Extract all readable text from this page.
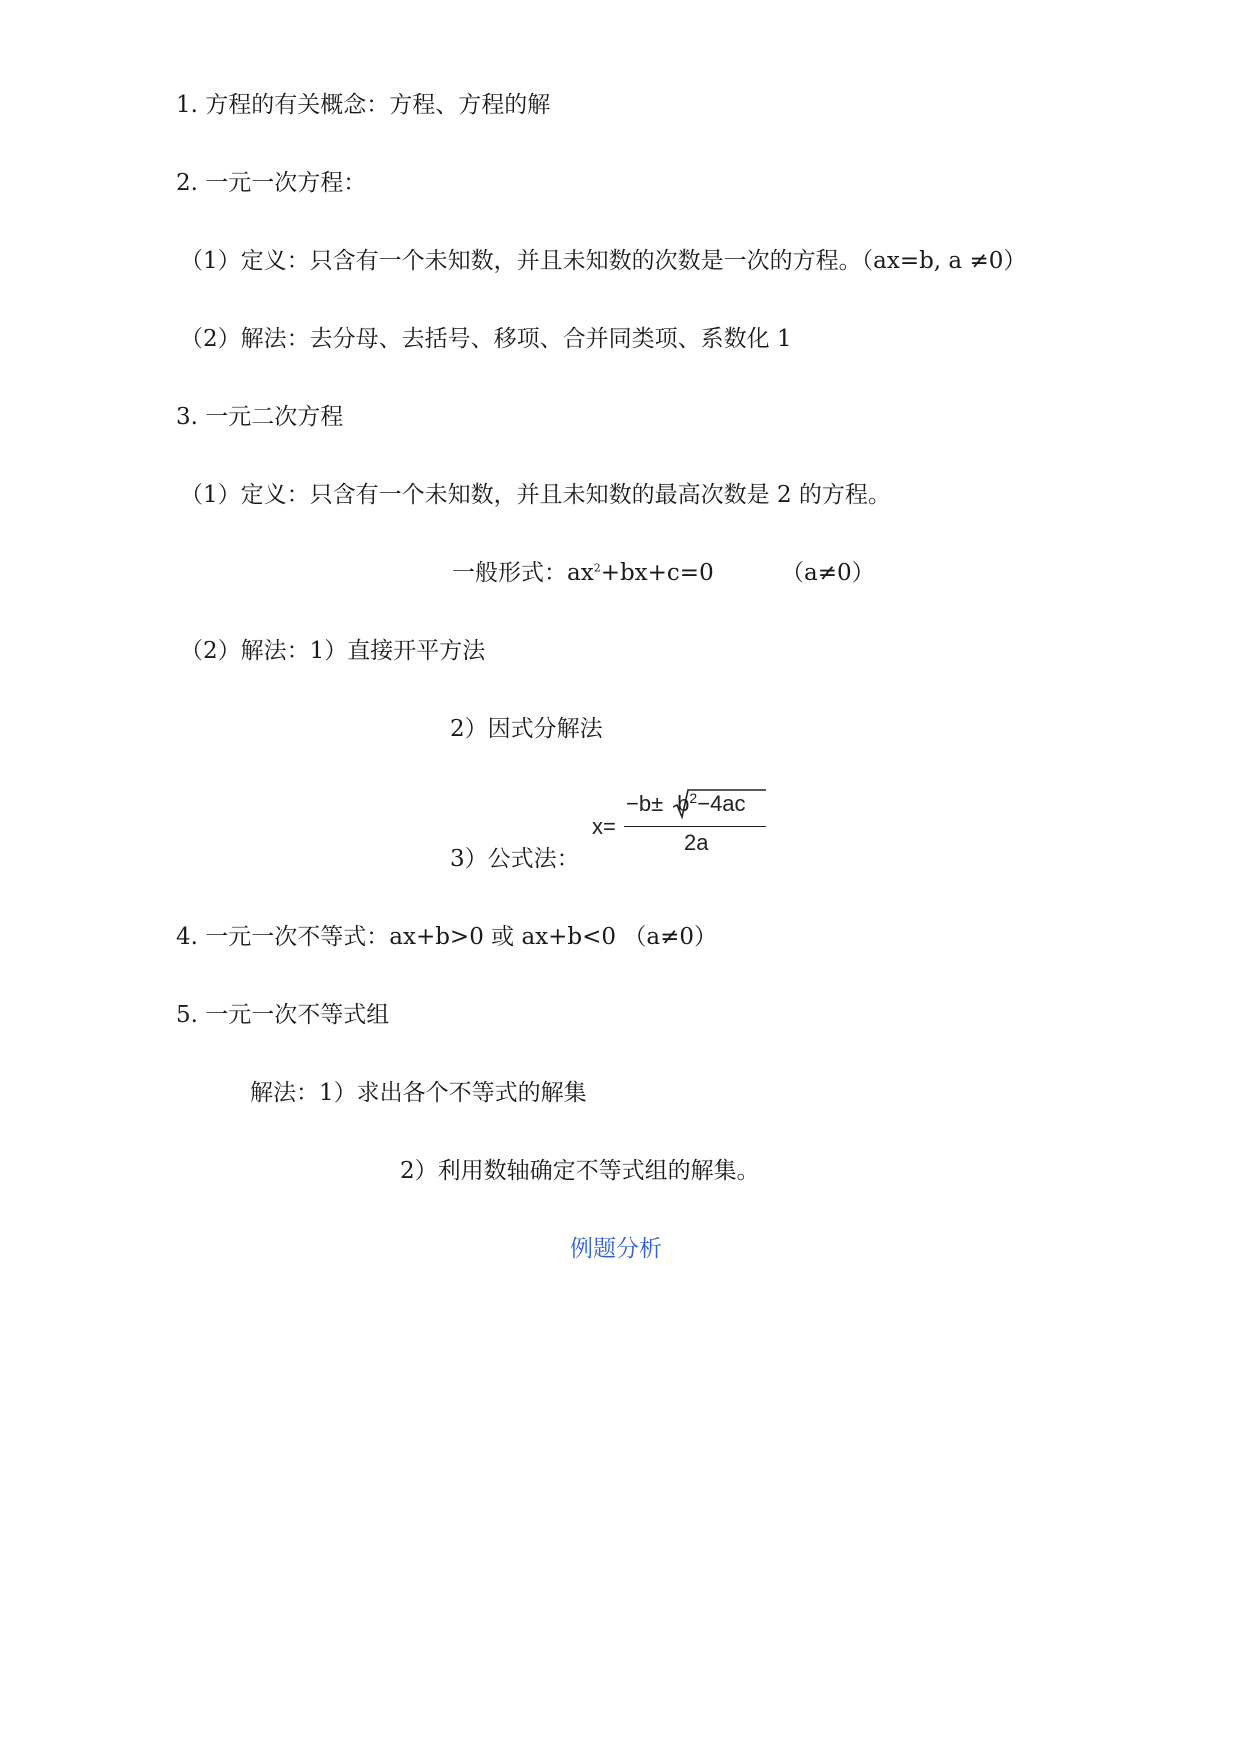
1. 方程的有关概念：方程、方程的解
2. 一元一次方程：
（1）定义：只含有一个未知数，并且未知数的次数是一次的方程。（ax=b, a ≠0）
（2）解法：去分母、去括号、移项、合并同类项、系数化 1
3. 一元二次方程
（1）定义：只含有一个未知数，并且未知数的最高次数是 2 的方程。
一般形式：$ax^2+bx+c=0$	（a≠0）
（2）解法：1）直接开平方法
2）因式分解法
3）公式法：
x=
$-b\pm b^2-4ac$
2a
4. 一元一次不等式：ax+b>0 或 ax+b<0 （a≠0）
5. 一元一次不等式组
解法：1）求出各个不等式的解集
2）利用数轴确定不等式组的解集。
例题分析
